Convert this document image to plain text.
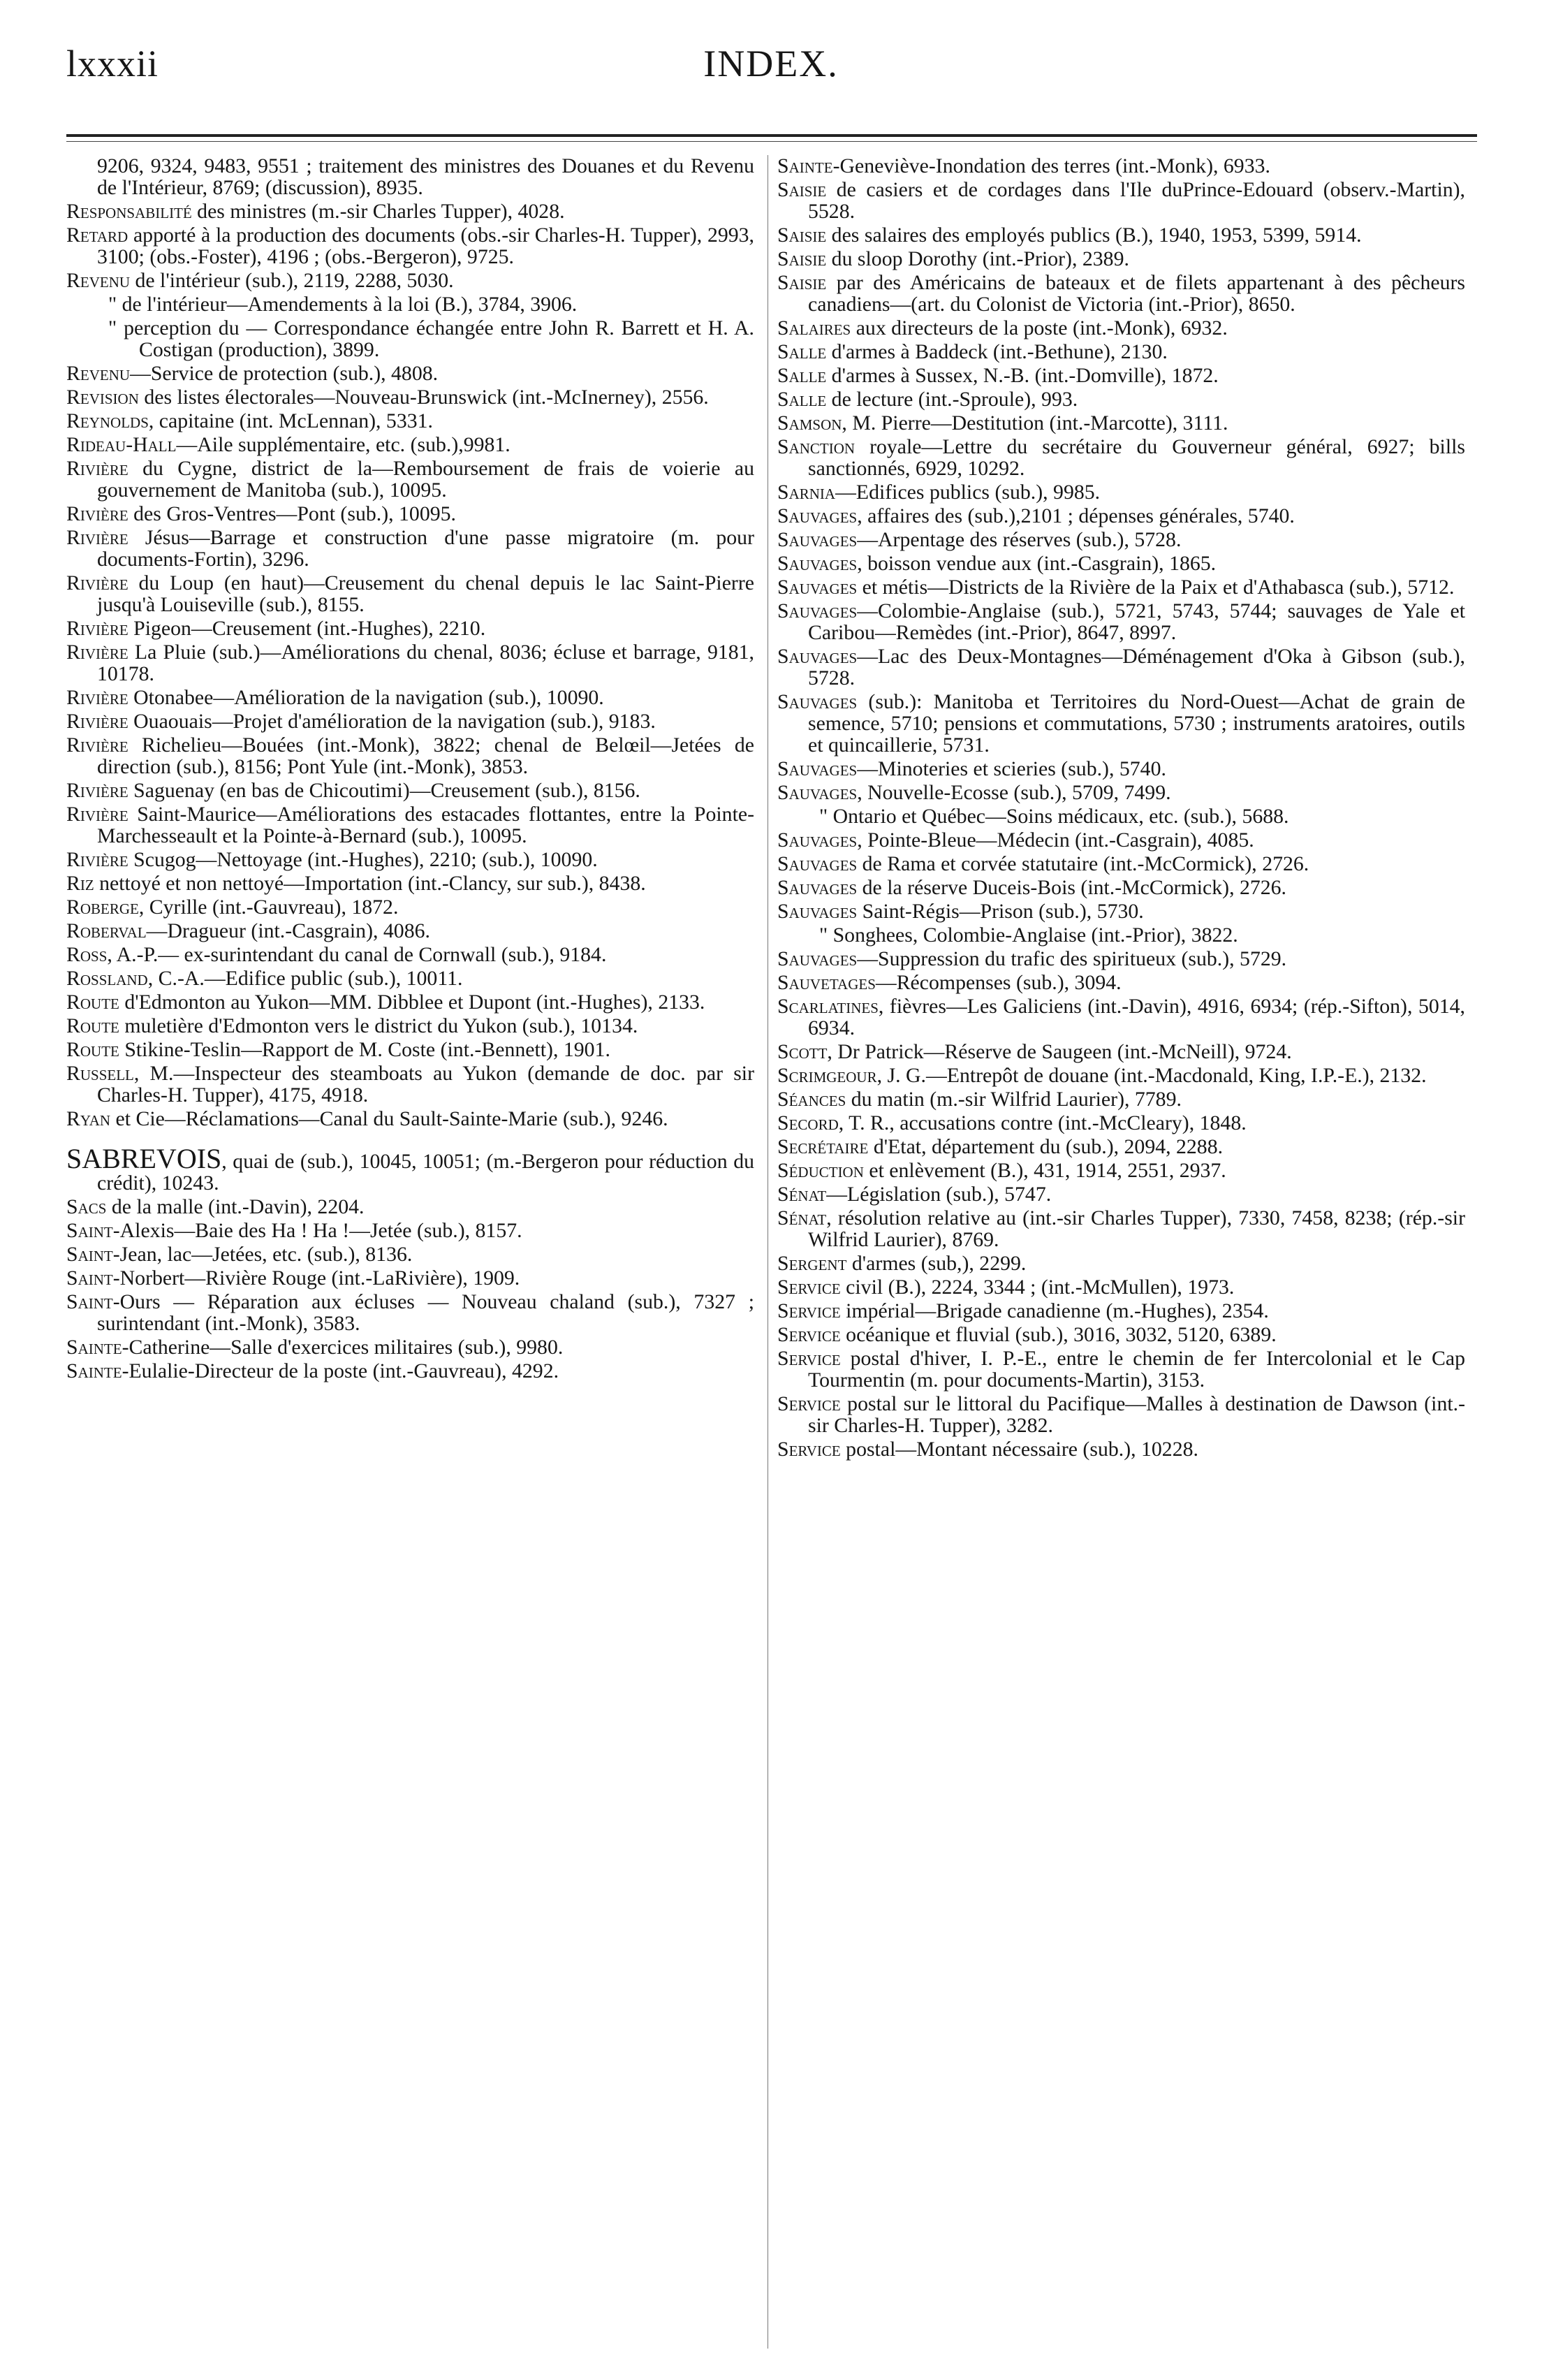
lxxxii	INDEX.

9206, 9324, 9483, 9551 ; traitement des ministres des Douanes et du Revenu de l'Intérieur, 8769; (discussion), 8935.

Responsabilité des ministres (m.-sir Charles Tupper), 4028.

Retard apporté à la production des documents (obs.-sir Charles-H. Tupper), 2993, 3100; (obs.-Foster), 4196 ; (obs.-Bergeron), 9725.

Revenu de l'intérieur (sub.), 2119, 2288, 5030.

" de l'intérieur—Amendements à la loi (B.), 3784, 3906.

" perception du — Correspondance échangée entre John R. Barrett et H. A. Costigan (production), 3899.

Revenu—Service de protection (sub.), 4808.

Revision des listes électorales—Nouveau-Brunswick (int.-McInerney), 2556.

Reynolds, capitaine (int. McLennan), 5331.

Rideau-Hall—Aile supplémentaire, etc. (sub.),9981.

Rivière du Cygne, district de la—Remboursement de frais de voierie au gouvernement de Manitoba (sub.), 10095.

Rivière des Gros-Ventres—Pont (sub.), 10095.

Rivière Jésus—Barrage et construction d'une passe migratoire (m. pour documents-Fortin), 3296.

Rivière du Loup (en haut)—Creusement du chenal depuis le lac Saint-Pierre jusqu'à Louiseville (sub.), 8155.

Rivière Pigeon—Creusement (int.-Hughes), 2210.

Rivière La Pluie (sub.)—Améliorations du chenal, 8036; écluse et barrage, 9181, 10178.

Rivière Otonabee—Amélioration de la navigation (sub.), 10090.

Rivière Ouaouais—Projet d'amélioration de la navigation (sub.), 9183.

Rivière Richelieu—Bouées (int.-Monk), 3822; chenal de Belœil—Jetées de direction (sub.), 8156; Pont Yule (int.-Monk), 3853.

Rivière Saguenay (en bas de Chicoutimi)—Creusement (sub.), 8156.

Rivière Saint-Maurice—Améliorations des estacades flottantes, entre la Pointe-Marchesseault et la Pointe-à-Bernard (sub.), 10095.

Rivière Scugog—Nettoyage (int.-Hughes), 2210; (sub.), 10090.

Riz nettoyé et non nettoyé—Importation (int.-Clancy, sur sub.), 8438.

Roberge, Cyrille (int.-Gauvreau), 1872.

Roberval—Dragueur (int.-Casgrain), 4086.

Ross, A.-P.— ex-surintendant du canal de Cornwall (sub.), 9184.

Rossland, C.-A.—Edifice public (sub.), 10011.

Route d'Edmonton au Yukon—MM. Dibblee et Dupont (int.-Hughes), 2133.

Route muletière d'Edmonton vers le district du Yukon (sub.), 10134.

Route Stikine-Teslin—Rapport de M. Coste (int.-Bennett), 1901.

Russell, M.—Inspecteur des steamboats au Yukon (demande de doc. par sir Charles-H. Tupper), 4175, 4918.

Ryan et Cie—Réclamations—Canal du Sault-Sainte-Marie (sub.), 9246.

SABREVOIS, quai de (sub.), 10045, 10051; (m.-Bergeron pour réduction du crédit), 10243.

Sacs de la malle (int.-Davin), 2204.

Saint-Alexis—Baie des Ha ! Ha !—Jetée (sub.), 8157.

Saint-Jean, lac—Jetées, etc. (sub.), 8136.

Saint-Norbert—Rivière Rouge (int.-LaRivière), 1909.

Saint-Ours — Réparation aux écluses — Nouveau chaland (sub.), 7327 ; surintendant (int.-Monk), 3583.

Sainte-Catherine—Salle d'exercices militaires (sub.), 9980.

Sainte-Eulalie-Directeur de la poste (int.-Gauvreau), 4292.

Sainte-Geneviève-Inondation des terres (int.-Monk), 6933.

Saisie de casiers et de cordages dans l'Ile duPrince-Edouard (observ.-Martin), 5528.

Saisie des salaires des employés publics (B.), 1940, 1953, 5399, 5914.

Saisie du sloop Dorothy (int.-Prior), 2389.

Saisie par des Américains de bateaux et de filets appartenant à des pêcheurs canadiens—(art. du Colonist de Victoria (int.-Prior), 8650.

Salaires aux directeurs de la poste (int.-Monk), 6932.

Salle d'armes à Baddeck (int.-Bethune), 2130.

Salle d'armes à Sussex, N.-B. (int.-Domville), 1872.

Salle de lecture (int.-Sproule), 993.

Samson, M. Pierre—Destitution (int.-Marcotte), 3111.

Sanction royale—Lettre du secrétaire du Gouverneur général, 6927; bills sanctionnés, 6929, 10292.

Sarnia—Edifices publics (sub.), 9985.

Sauvages, affaires des (sub.),2101 ; dépenses générales, 5740.

Sauvages—Arpentage des réserves (sub.), 5728.

Sauvages, boisson vendue aux (int.-Casgrain), 1865.

Sauvages et métis—Districts de la Rivière de la Paix et d'Athabasca (sub.), 5712.

Sauvages—Colombie-Anglaise (sub.), 5721, 5743, 5744; sauvages de Yale et Caribou—Remèdes (int.-Prior), 8647, 8997.

Sauvages—Lac des Deux-Montagnes—Déménagement d'Oka à Gibson (sub.), 5728.

Sauvages (sub.): Manitoba et Territoires du Nord-Ouest—Achat de grain de semence, 5710; pensions et commutations, 5730 ; instruments aratoires, outils et quincaillerie, 5731.

Sauvages—Minoteries et scieries (sub.), 5740.

Sauvages, Nouvelle-Ecosse (sub.), 5709, 7499.

" Ontario et Québec—Soins médicaux, etc. (sub.), 5688.

Sauvages, Pointe-Bleue—Médecin (int.-Casgrain), 4085.

Sauvages de Rama et corvée statutaire (int.-McCormick), 2726.

Sauvages de la réserve Duceis-Bois (int.-McCormick), 2726.

Sauvages Saint-Régis—Prison (sub.), 5730.

" Songhees, Colombie-Anglaise (int.-Prior), 3822.

Sauvages—Suppression du trafic des spiritueux (sub.), 5729.

Sauvetages—Récompenses (sub.), 3094.

Scarlatines, fièvres—Les Galiciens (int.-Davin), 4916, 6934; (rép.-Sifton), 5014, 6934.

Scott, Dr Patrick—Réserve de Saugeen (int.-McNeill), 9724.

Scrimgeour, J. G.—Entrepôt de douane (int.-Macdonald, King, I.P.-E.), 2132.

Séances du matin (m.-sir Wilfrid Laurier), 7789.

Secord, T. R., accusations contre (int.-McCleary), 1848.

Secrétaire d'Etat, département du (sub.), 2094, 2288.

Séduction et enlèvement (B.), 431, 1914, 2551, 2937.

Sénat—Législation (sub.), 5747.

Sénat, résolution relative au (int.-sir Charles Tupper), 7330, 7458, 8238; (rép.-sir Wilfrid Laurier), 8769.

Sergent d'armes (sub,), 2299.

Service civil (B.), 2224, 3344 ; (int.-McMullen), 1973.

Service impérial—Brigade canadienne (m.-Hughes), 2354.

Service océanique et fluvial (sub.), 3016, 3032, 5120, 6389.

Service postal d'hiver, I. P.-E., entre le chemin de fer Intercolonial et le Cap Tourmentin (m. pour documents-Martin), 3153.

Service postal sur le littoral du Pacifique—Malles à destination de Dawson (int.-sir Charles-H. Tupper), 3282.

Service postal—Montant nécessaire (sub.), 10228.
